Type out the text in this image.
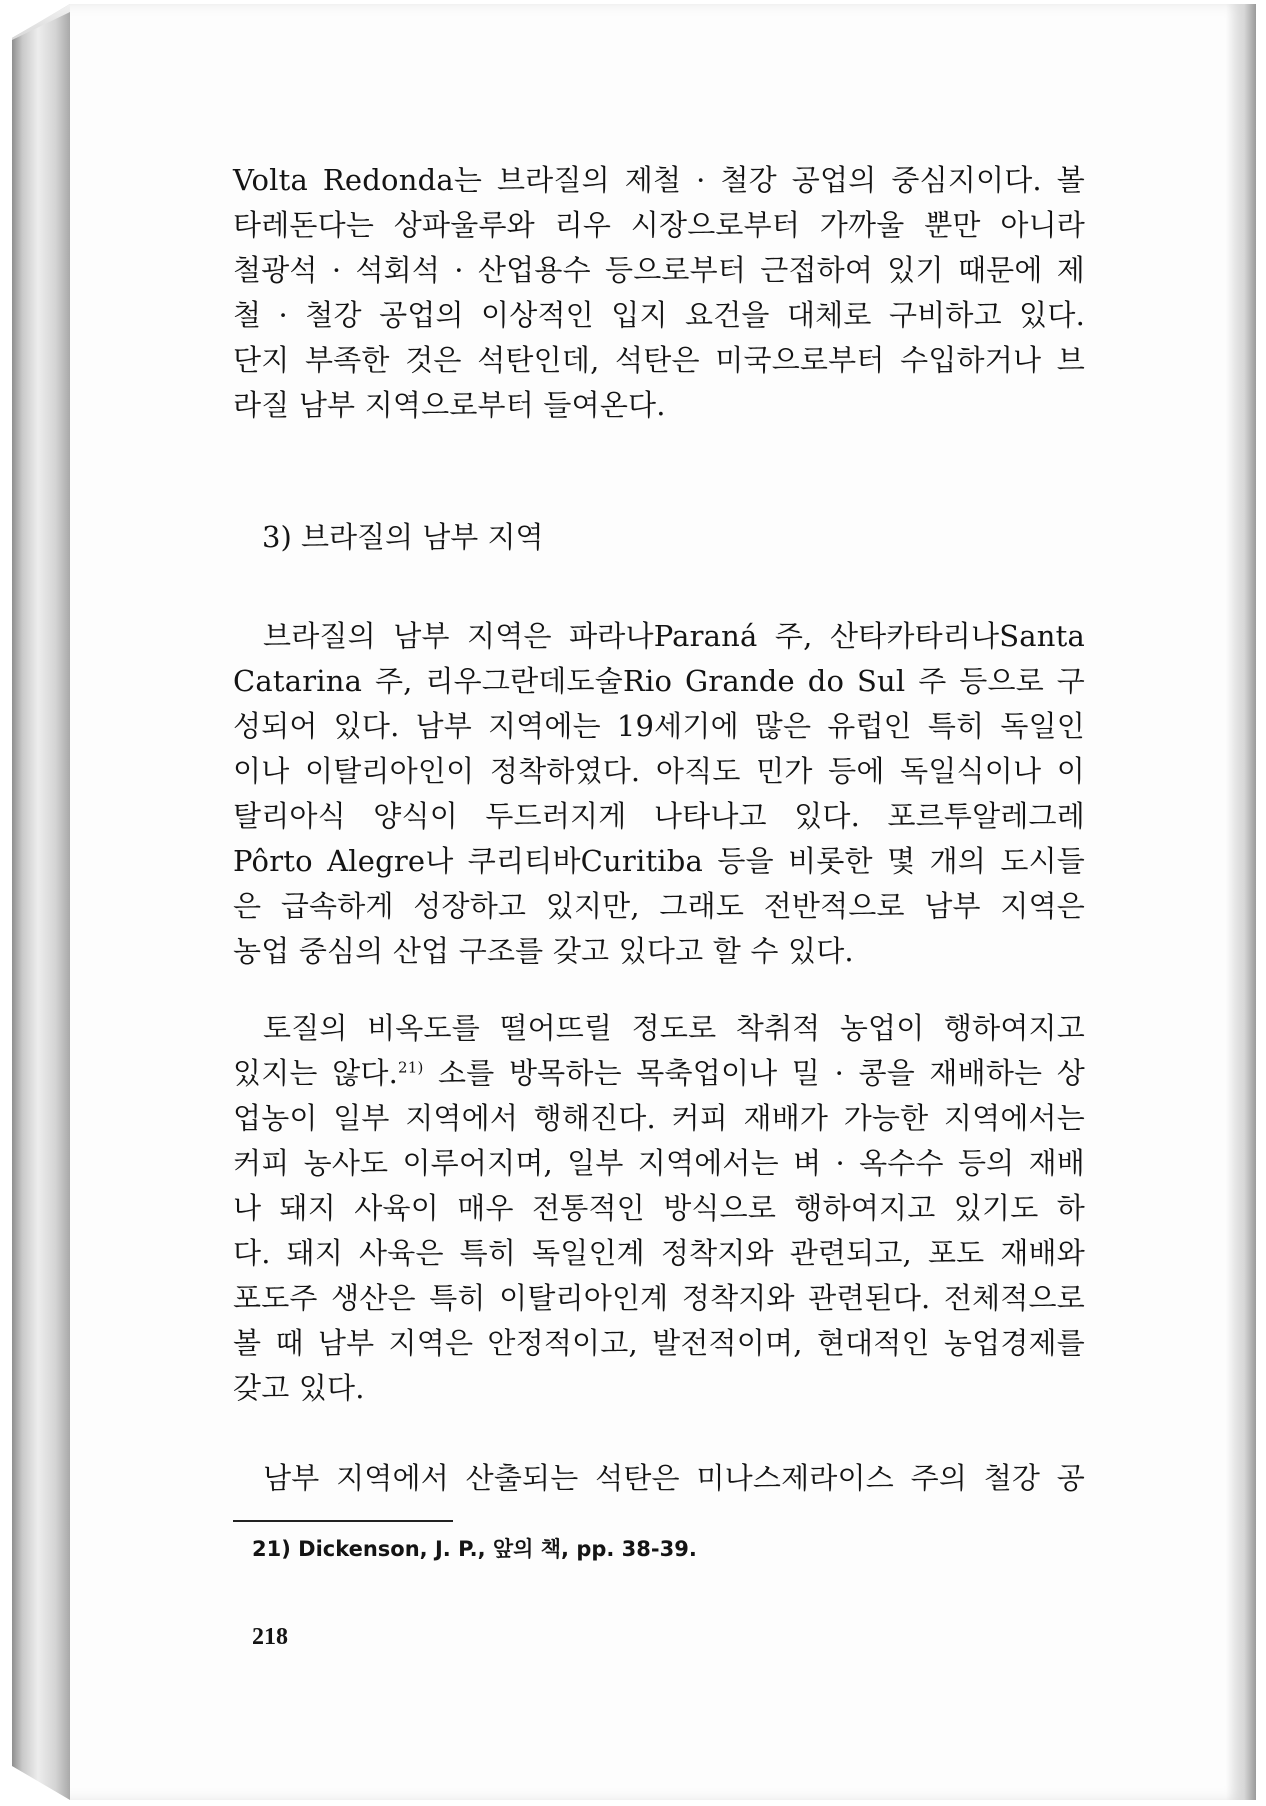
Volta Redonda는 브라질의 제철 · 철강 공업의 중심지이다. 볼
타레돈다는 상파울루와 리우 시장으로부터 가까울 뿐만 아니라
철광석 · 석회석 · 산업용수 등으로부터 근접하여 있기 때문에 제
철 · 철강 공업의 이상적인 입지 요건을 대체로 구비하고 있다.
단지 부족한 것은 석탄인데, 석탄은 미국으로부터 수입하거나 브
라질 남부 지역으로부터 들여온다.
3) 브라질의 남부 지역
브라질의 남부 지역은 파라나Paraná 주, 산타카타리나Santa
Catarina 주, 리우그란데도술Rio Grande do Sul 주 등으로 구
성되어 있다. 남부 지역에는 19세기에 많은 유럽인 특히 독일인
이나 이탈리아인이 정착하였다. 아직도 민가 등에 독일식이나 이
탈리아식 양식이 두드러지게 나타나고 있다. 포르투알레그레
Pôrto Alegre나 쿠리티바Curitiba 등을 비롯한 몇 개의 도시들
은 급속하게 성장하고 있지만, 그래도 전반적으로 남부 지역은
농업 중심의 산업 구조를 갖고 있다고 할 수 있다.
토질의 비옥도를 떨어뜨릴 정도로 착취적 농업이 행하여지고
있지는 않다.$^{21)}$ 소를 방목하는 목축업이나 밀 · 콩을 재배하는 상
업농이 일부 지역에서 행해진다. 커피 재배가 가능한 지역에서는
커피 농사도 이루어지며, 일부 지역에서는 벼 · 옥수수 등의 재배
나 돼지 사육이 매우 전통적인 방식으로 행하여지고 있기도 하
다. 돼지 사육은 특히 독일인계 정착지와 관련되고, 포도 재배와
포도주 생산은 특히 이탈리아인계 정착지와 관련된다. 전체적으로
볼 때 남부 지역은 안정적이고, 발전적이며, 현대적인 농업경제를
갖고 있다.
남부 지역에서 산출되는 석탄은 미나스제라이스 주의 철강 공
21) Dickenson, J. P., 앞의 책, pp. 38-39.
218
